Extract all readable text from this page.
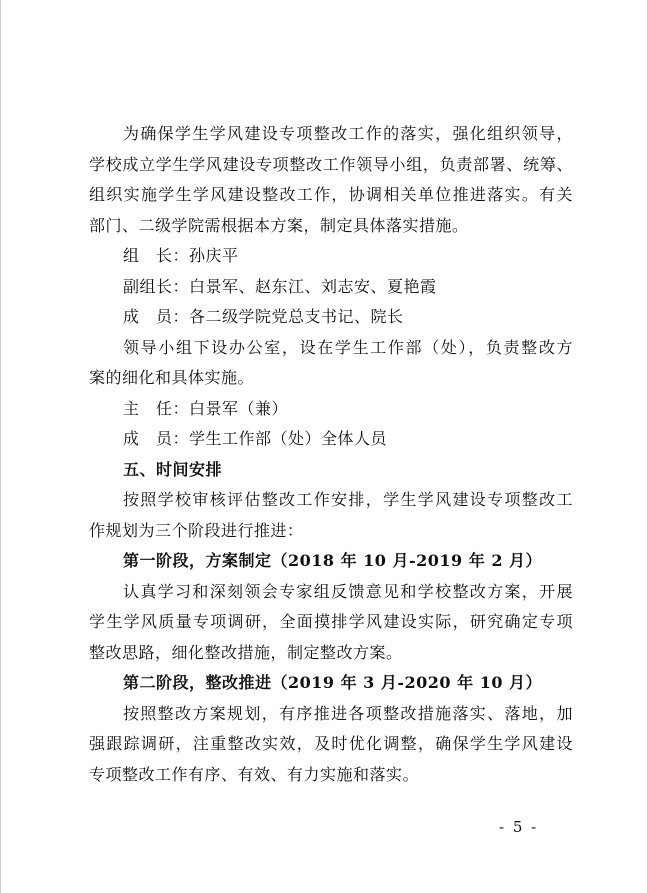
为确保学生学风建设专项整改工作的落实，强化组织领导，
学校成立学生学风建设专项整改工作领导小组，负责部署、统筹、
组织实施学生学风建设整改工作，协调相关单位推进落实。有关
部门、二级学院需根据本方案，制定具体落实措施。
组　长：孙庆平
副组长：白景军、赵东江、刘志安、夏艳霞
成　员：各二级学院党总支书记、院长
领导小组下设办公室，设在学生工作部（处），负责整改方
案的细化和具体实施。
主　任：白景军（兼）
成　员：学生工作部（处）全体人员
五、时间安排
按照学校审核评估整改工作安排，学生学风建设专项整改工
作规划为三个阶段进行推进：
第一阶段，方案制定（2018 年 10 月-2019 年 2 月）
认真学习和深刻领会专家组反馈意见和学校整改方案，开展
学生学风质量专项调研，全面摸排学风建设实际，研究确定专项
整改思路，细化整改措施，制定整改方案。
第二阶段，整改推进（2019 年 3 月-2020 年 10 月）
按照整改方案规划，有序推进各项整改措施落实、落地，加
强跟踪调研，注重整改实效，及时优化调整，确保学生学风建设
专项整改工作有序、有效、有力实施和落实。
- 5 -
